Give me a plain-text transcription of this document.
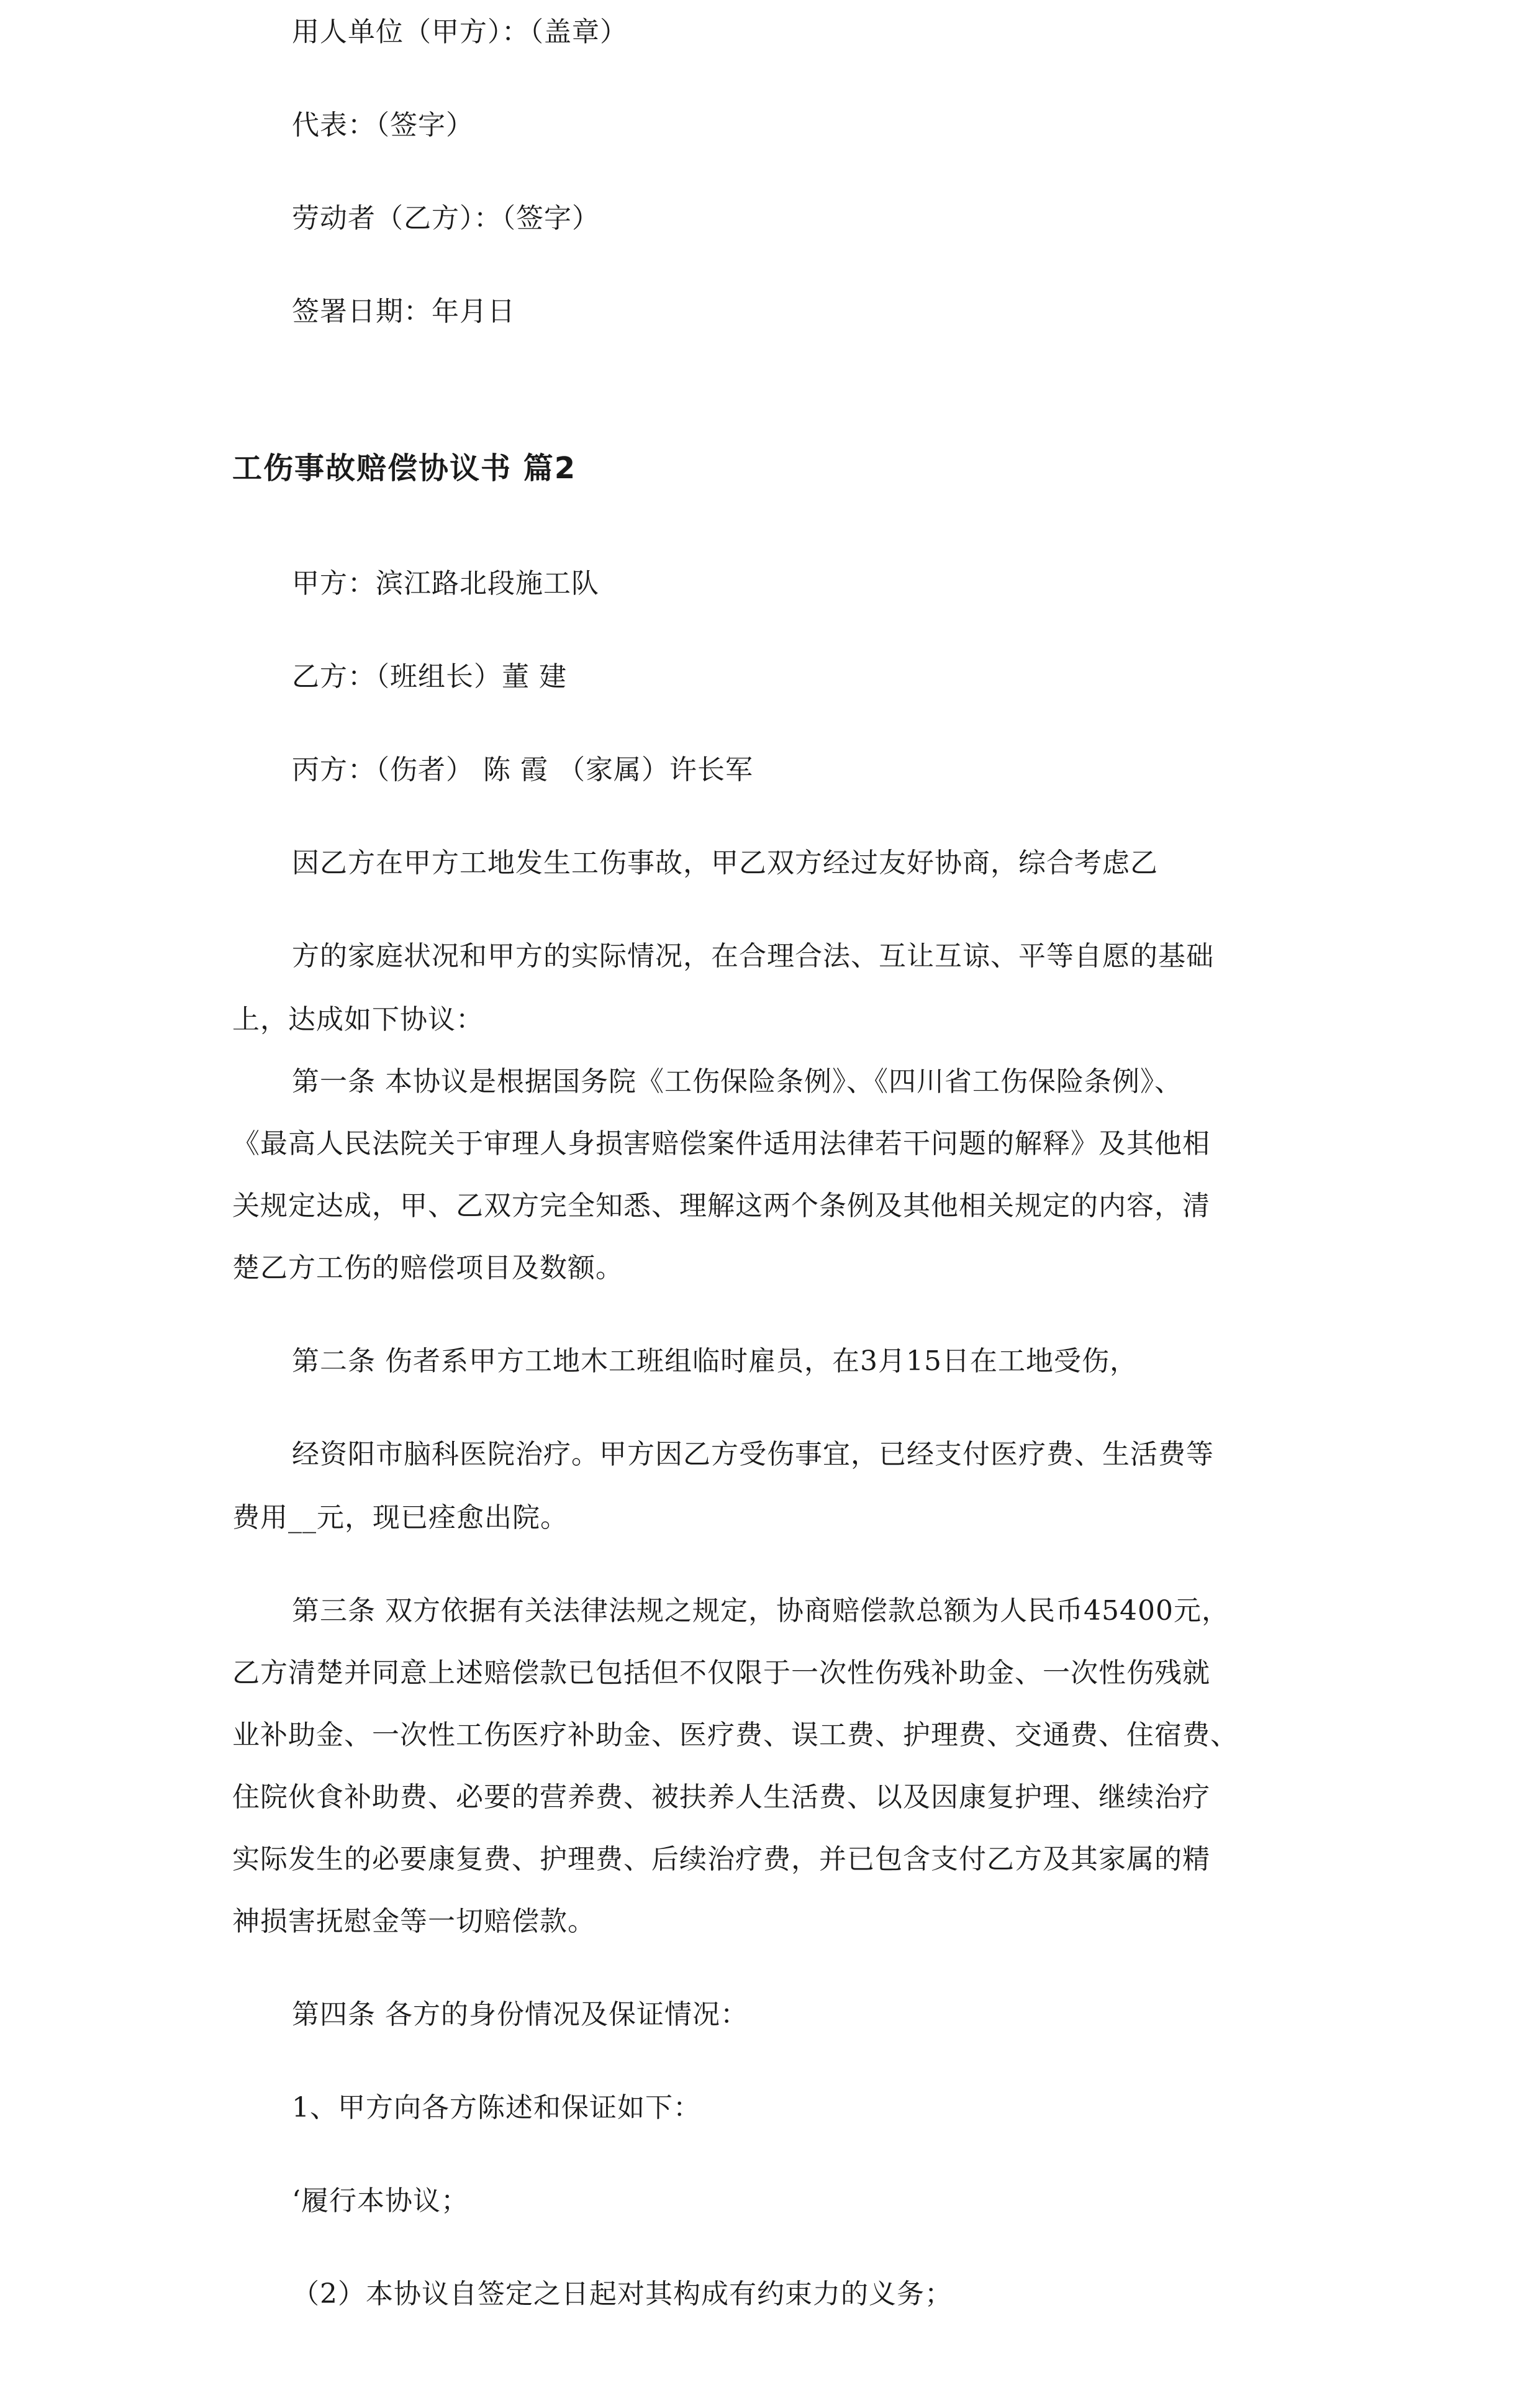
用人单位（甲方）：（盖章）
代表：（签字）
劳动者（乙方）：（签字）
签署日期：年月日
工伤事故赔偿协议书 篇2
甲方：滨江路北段施工队
乙方：（班组长）董 建
丙方：（伤者） 陈 霞 （家属）许长军
因乙方在甲方工地发生工伤事故，甲乙双方经过友好协商，综合考虑乙
方的家庭状况和甲方的实际情况，在合理合法、互让互谅、平等自愿的基础
上，达成如下协议：
第一条 本协议是根据国务院《工伤保险条例》、《四川省工伤保险条例》、
《最高人民法院关于审理人身损害赔偿案件适用法律若干问题的解释》及其他相
关规定达成，甲、乙双方完全知悉、理解这两个条例及其他相关规定的内容，清
楚乙方工伤的赔偿项目及数额。
第二条 伤者系甲方工地木工班组临时雇员，在3月15日在工地受伤，
经资阳市脑科医院治疗。甲方因乙方受伤事宜，已经支付医疗费、生活费等
费用__元，现已痊愈出院。
第三条 双方依据有关法律法规之规定，协商赔偿款总额为人民币45400元，
乙方清楚并同意上述赔偿款已包括但不仅限于一次性伤残补助金、一次性伤残就
业补助金、一次性工伤医疗补助金、医疗费、误工费、护理费、交通费、住宿费、
住院伙食补助费、必要的营养费、被扶养人生活费、以及因康复护理、继续治疗
实际发生的必要康复费、护理费、后续治疗费，并已包含支付乙方及其家属的精
神损害抚慰金等一切赔偿款。
第四条 各方的身份情况及保证情况：
1、甲方向各方陈述和保证如下：
‘履行本协议；
（2）本协议自签定之日起对其构成有约束力的义务；
